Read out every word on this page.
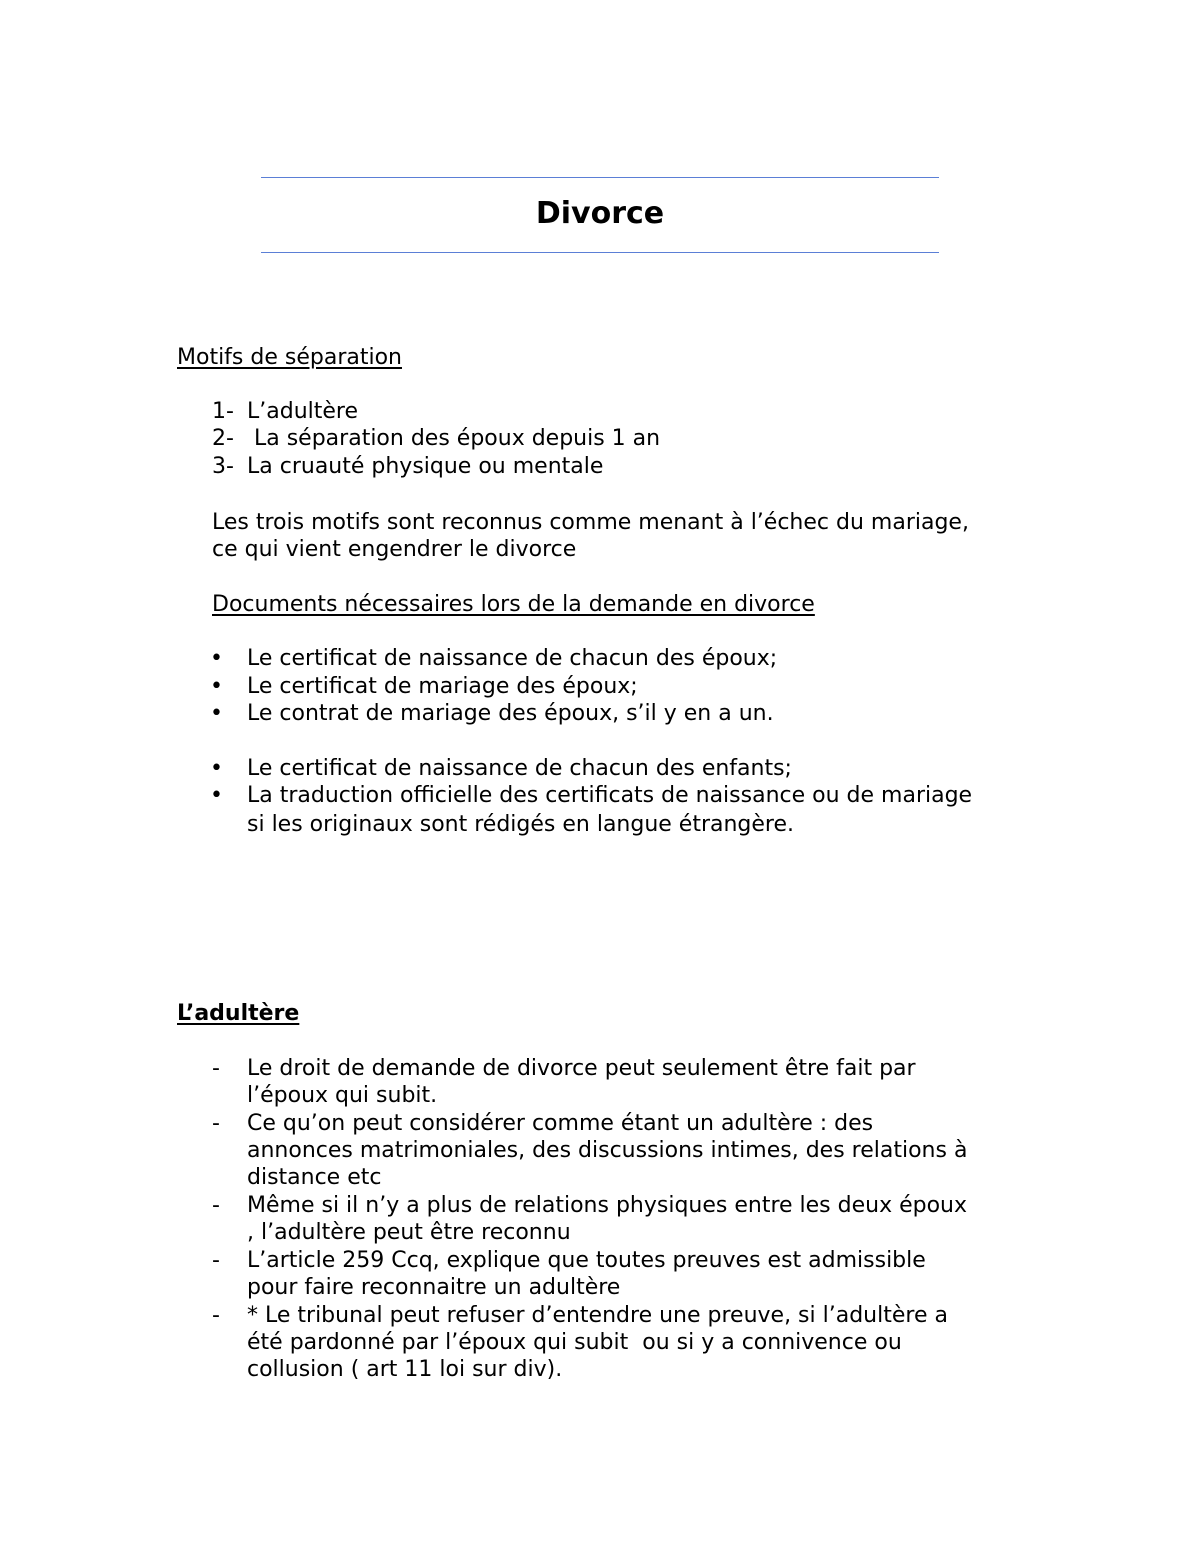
Divorce
Motifs de séparation
1- L’adultère
2- La séparation des époux depuis 1 an
3- La cruauté physique ou mentale
Les trois motifs sont reconnus comme menant à l’échec du mariage,
ce qui vient engendrer le divorce
Documents nécessaires lors de la demande en divorce
• Le certificat de naissance de chacun des époux;
• Le certificat de mariage des époux;
• Le contrat de mariage des époux, s’il y en a un.
• Le certificat de naissance de chacun des enfants;
• La traduction officielle des certificats de naissance ou de mariage
si les originaux sont rédigés en langue étrangère.
L’adultère
- Le droit de demande de divorce peut seulement être fait par
l’époux qui subit.
- Ce qu’on peut considérer comme étant un adultère : des
annonces matrimoniales, des discussions intimes, des relations à
distance etc
- Même si il n’y a plus de relations physiques entre les deux époux
, l’adultère peut être reconnu
- L’article 259 Ccq, explique que toutes preuves est admissible
pour faire reconnaitre un adultère
- * Le tribunal peut refuser d’entendre une preuve, si l’adultère a
été pardonné par l’époux qui subit  ou si y a connivence ou
collusion ( art 11 loi sur div).
